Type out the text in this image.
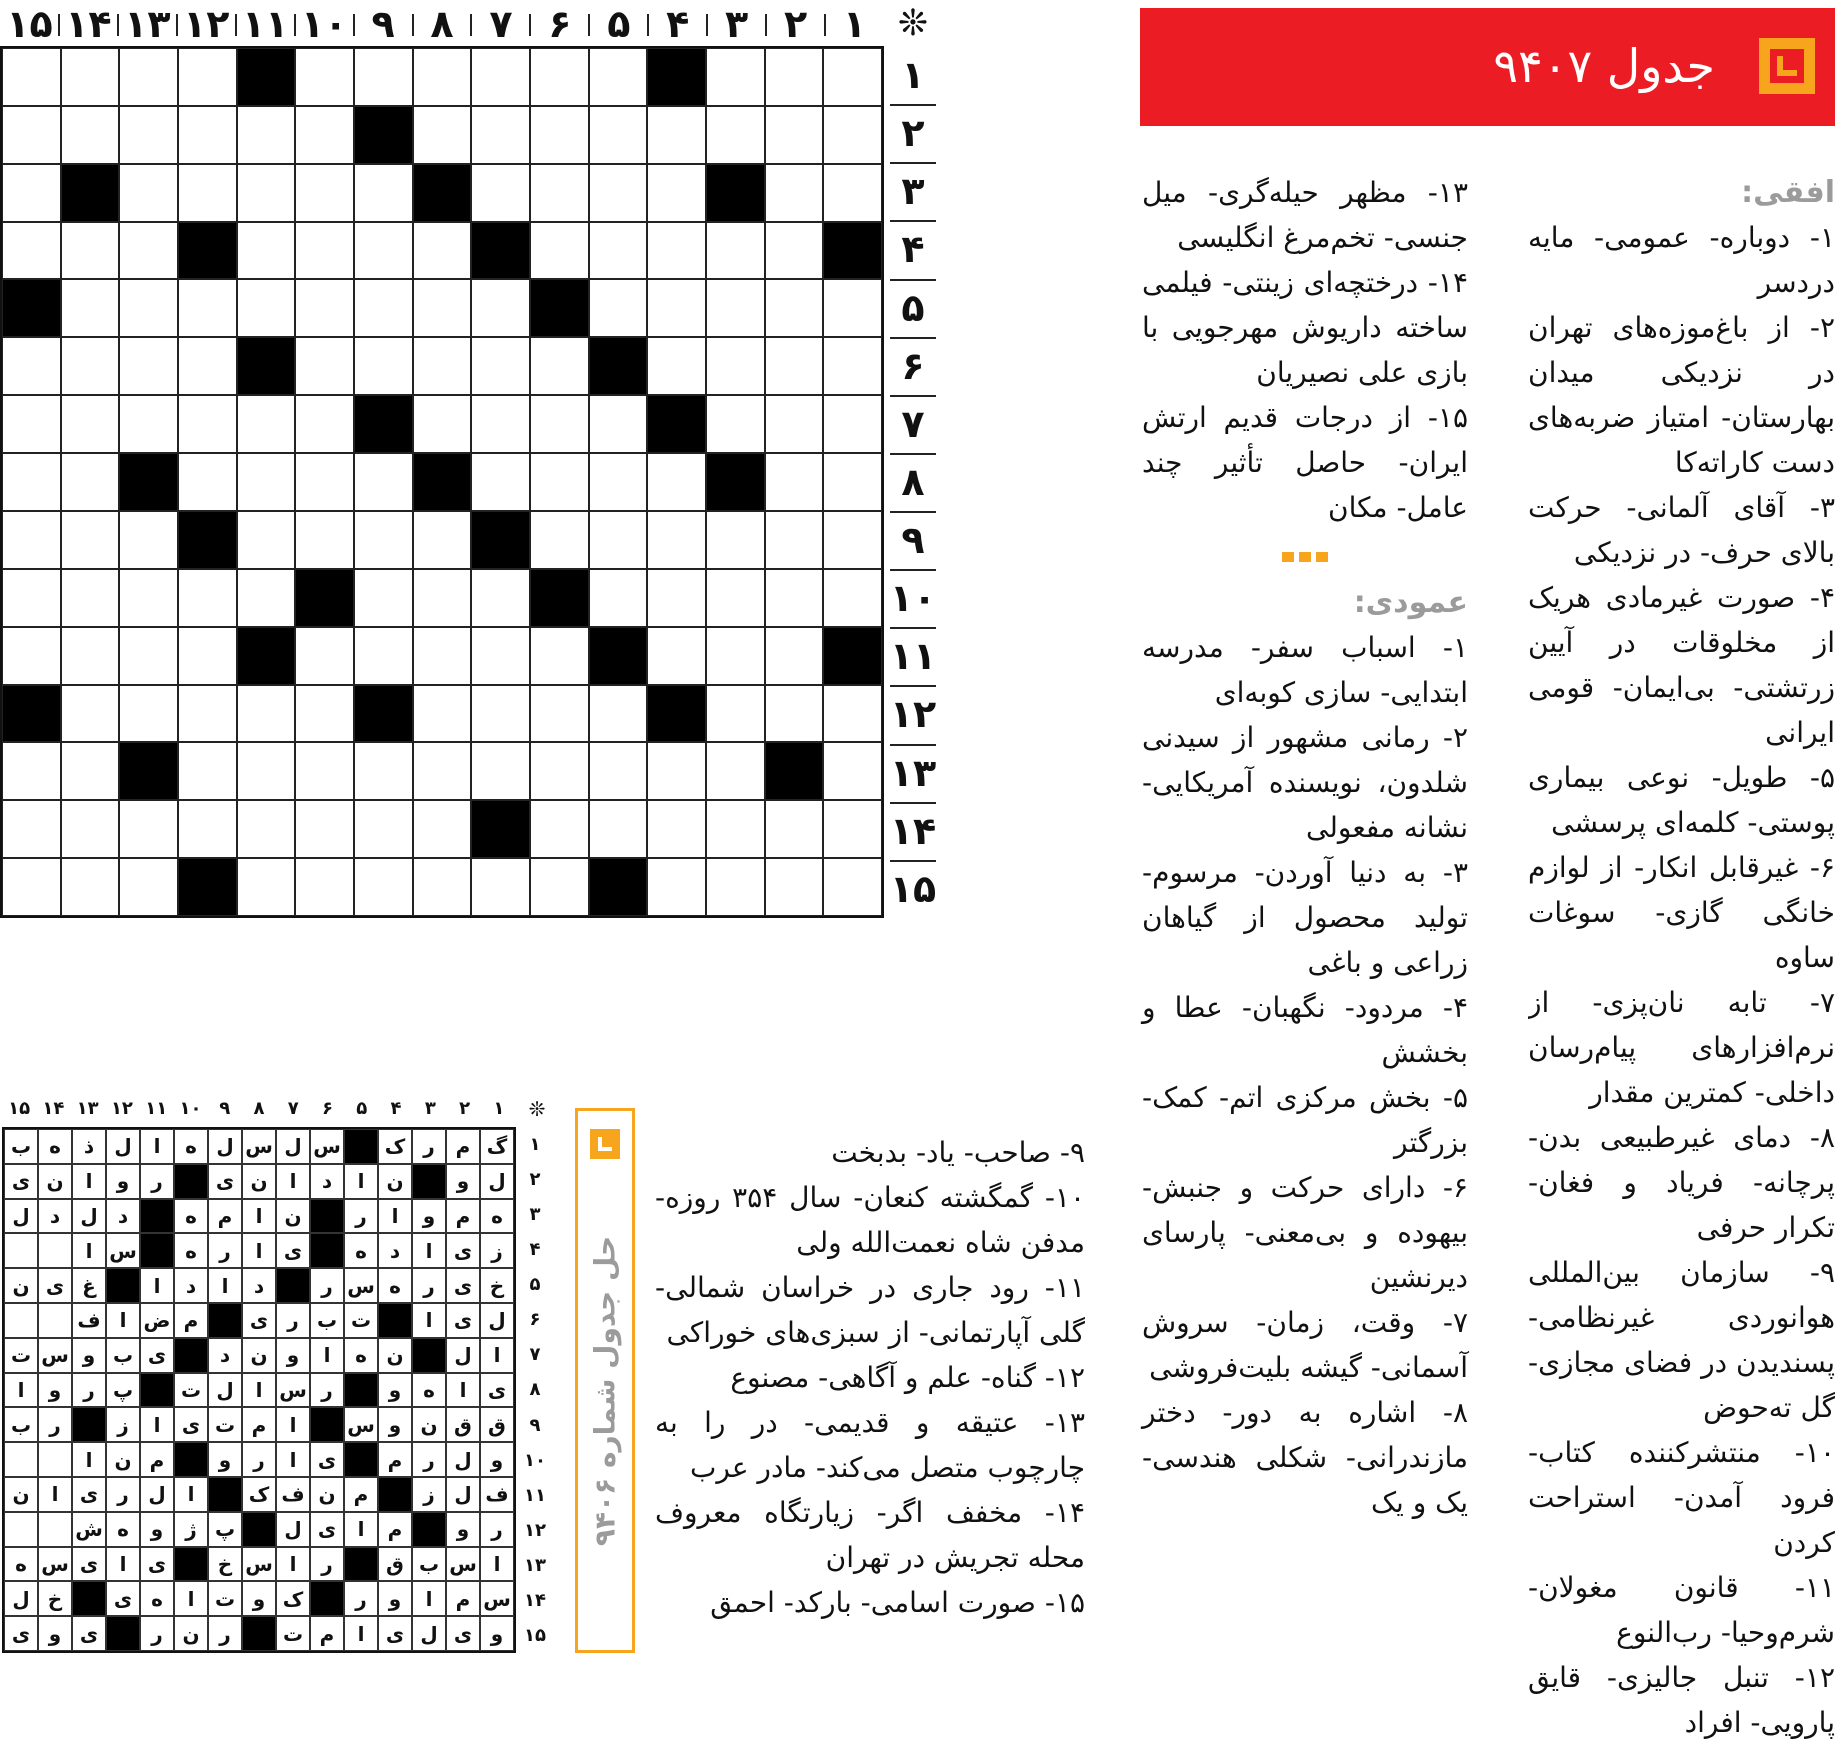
۱
۲
۳
۴
۵
۶
۷
۸
۹
۱۰
۱۱
۱۲
۱۳
۱۴
۱۵	❊
۱
۲
۳
۴
۵
۶
۷
۸
۹
۱۰
۱۱
۱۲
۱۳
۱۴
۱۵
جدول ۹۴۰۷
افقی:

۱- دوباره- عمومی- مایه دردسر

۲- از باغ‌موزه‌های تهران در نزدیکی میدان بهارستان- امتیاز ضربه‌های دست کاراته‌کا

۳- آقای آلمانی- حرکت بالای حرف- در نزدیکی

۴- صورت غیرمادی هریک از مخلوقات در آیین زرتشتی- بی‌ایمان- قومی ایرانی

۵- طویل- نوعی بیماری پوستی- کلمه‌ای پرسشی

۶- غیرقابل انکار- از لوازم خانگی گازی- سوغات ساوه

۷- تابه نان‌پزی- از نرم‌افزارهای پیام‌رسان داخلی- کمترین مقدار

۸- دمای غیرطبیعی بدن- پرچانه- فریاد و فغان- تکرار حرفی

۹- سازمان بین‌المللی هوانوردی غیرنظامی- پسندیدن در فضای مجازی- گل ته‌حوض

۱۰- منتشرکننده کتاب- فرود آمدن- استراحت کردن

۱۱- قانون مغولان- شرم‌وحیا- رب‌النوع

۱۲- تنبل جالیزی- قایق پارویی- افراد

۱۳- مظهر حیله‌گری- میل جنسی- تخم‌مرغ انگلیسی

۱۴- درختچه‌ای زینتی- فیلمی ساخته داریوش مهرجویی با بازی علی نصیریان

۱۵- از درجات قدیم ارتش ایران- حاصل تأثیر چند عامل- مکان

عمودی:

۱- اسباب سفر- مدرسه ابتدایی- سازی کوبه‌ای

۲- رمانی مشهور از سیدنی شلدون، نویسنده آمریکایی- نشانه مفعولی

۳- به دنیا آوردن- مرسوم- تولید محصول از گیاهان زراعی و باغی

۴- مردود- نگهبان- عطا و بخشش

۵- بخش مرکزی اتم- کمک- بزرگتر

۶- دارای حرکت و جنبش- بیهوده و بی‌معنی- پارسای دیرنشین

۷- وقت، زمان- سروش آسمانی- گیشه بلیت‌فروشی

۸- اشاره به دور- دختر مازندرانی- شکلی هندسی- یک و یک

۹- صاحب- یاد- بدبخت

۱۰- گمگشته کنعان- سال ۳۵۴ روزه- مدفن شاه نعمت‌الله ولی

۱۱- رود جاری در خراسان شمالی- گلی آپارتمانی- از سبزی‌های خوراکی

۱۲- گناه- علم و آگاهی- مصنوع

۱۳- عتیقه و قدیمی- در را به چارچوب متصل می‌کند- مادر عرب

۱۴- مخفف اگر- زیارتگاه معروف محله تجریش در تهران

۱۵- صورت اسامی- بارکد- احمق

۱
۲
۳
۴
۵
۶
۷
۸
۹
۱۰
۱۱
۱۲
۱۳
۱۴
۱۵	❊
گ
م
ر
ک
س
ل
س
ل
ه
ا
ل
ذ
ه
ب
ل
و
ن
ا
د
ا
ن
ی
ر
و
ا
ن
ی
ه
م
و
ا
ر
ن
ا
م
ه
د
ل
د
ل
ز
ی
ا
د
ه
ی
ا
ر
ه
س
ا
خ
ی
ر
ه
س
ر
د
ا
د
ا
غ
ی
ن
ل
ی
ا
ت
ب
ر
ی
م
ض
ا
ف
ا
ل
ن
ه
ا
و
ن
د
ی
ب
و
س
ت
ی
ا
ه
و
ر
س
ا
ل
ت
پ
ر
و
ا
ق
ق
ن
و
س
ا
م
ت
ی
ا
ز
ر
ب
و
ل
ر
م
ی
ا
ر
و
م
ن
ا
ف
ل
ز
م
ن
ف
ک
ا
ل
ر
ی
ا
ن
ر
و
م
ا
ی
ل
پ
ژ
و
ه
ش
ا
س
ب
ق
ر
ا
س
خ
ی
ا
ی
س
ه
س
م
ا
و
ر
ک
و
ت
ا
ه
ی
خ
ل
و
ی
ل
ی
ا
م
ت
ر
ن
ر
ی
و
ی
۱
۲
۳
۴
۵
۶
۷
۸
۹
۱۰
۱۱
۱۲
۱۳
۱۴
۱۵
حل جدول شماره ۹۴۰۶
